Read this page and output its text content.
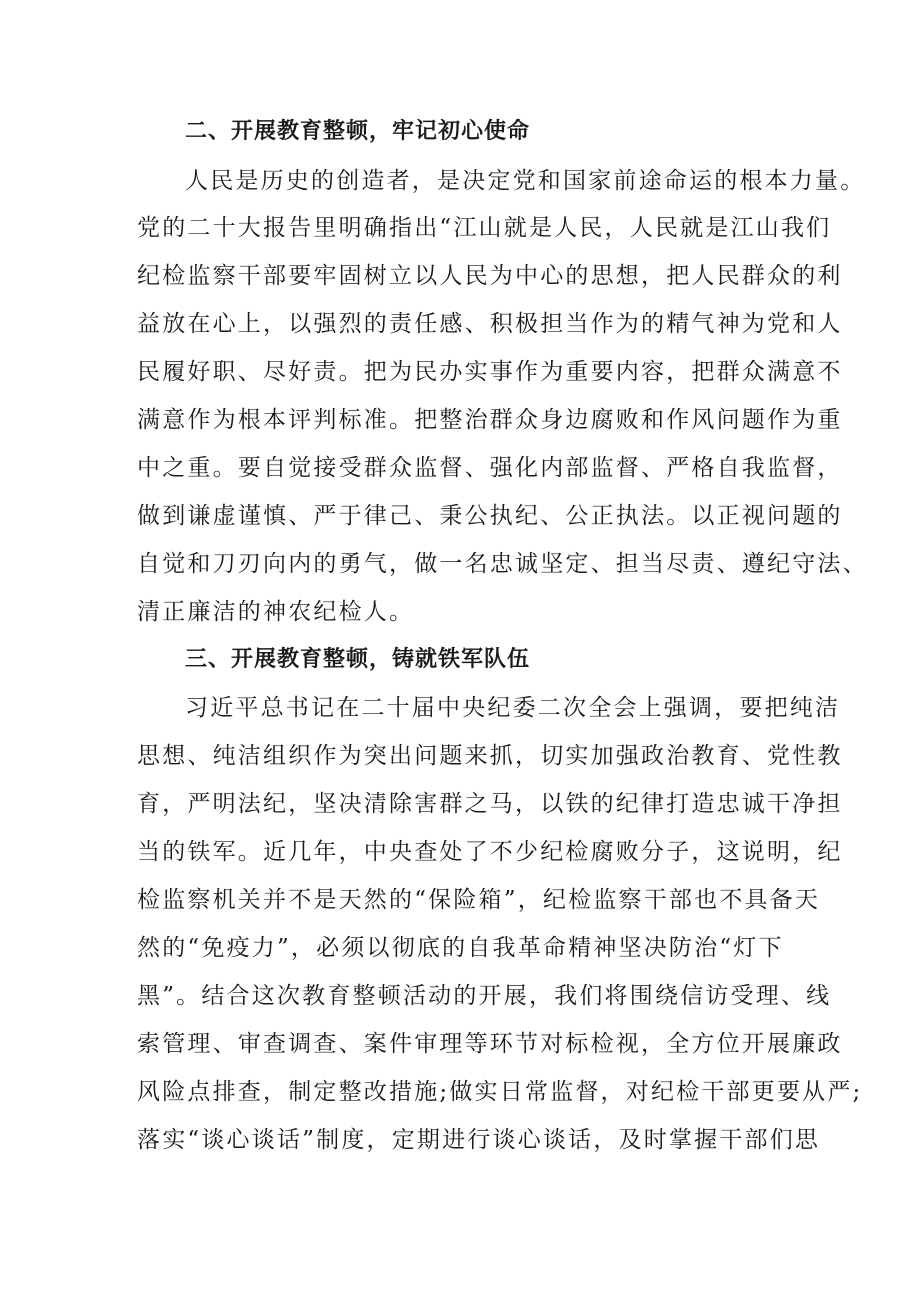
二、开展教育整顿，牢记初心使命
人民是历史的创造者，是决定党和国家前途命运的根本力量。
党的二十大报告里明确指出“江山就是人民，人民就是江山我们
纪检监察干部要牢固树立以人民为中心的思想，把人民群众的利
益放在心上，以强烈的责任感、积极担当作为的精气神为党和人
民履好职、尽好责。把为民办实事作为重要内容，把群众满意不
满意作为根本评判标准。把整治群众身边腐败和作风问题作为重
中之重。要自觉接受群众监督、强化内部监督、严格自我监督，
做到谦虚谨慎、严于律己、秉公执纪、公正执法。以正视问题的
自觉和刀刃向内的勇气，做一名忠诚坚定、担当尽责、遵纪守法、
清正廉洁的神农纪检人。
三、开展教育整顿，铸就铁军队伍
习近平总书记在二十届中央纪委二次全会上强调，要把纯洁
思想、纯洁组织作为突出问题来抓，切实加强政治教育、党性教
育，严明法纪，坚决清除害群之马，以铁的纪律打造忠诚干净担
当的铁军。近几年，中央查处了不少纪检腐败分子，这说明，纪
检监察机关并不是天然的“保险箱”，纪检监察干部也不具备天
然的“免疫力”，必须以彻底的自我革命精神坚决防治“灯下
黑”。结合这次教育整顿活动的开展，我们将围绕信访受理、线
索管理、审查调查、案件审理等环节对标检视，全方位开展廉政
风险点排查，制定整改措施;做实日常监督，对纪检干部更要从严;
落实“谈心谈话”制度，定期进行谈心谈话，及时掌握干部们思
